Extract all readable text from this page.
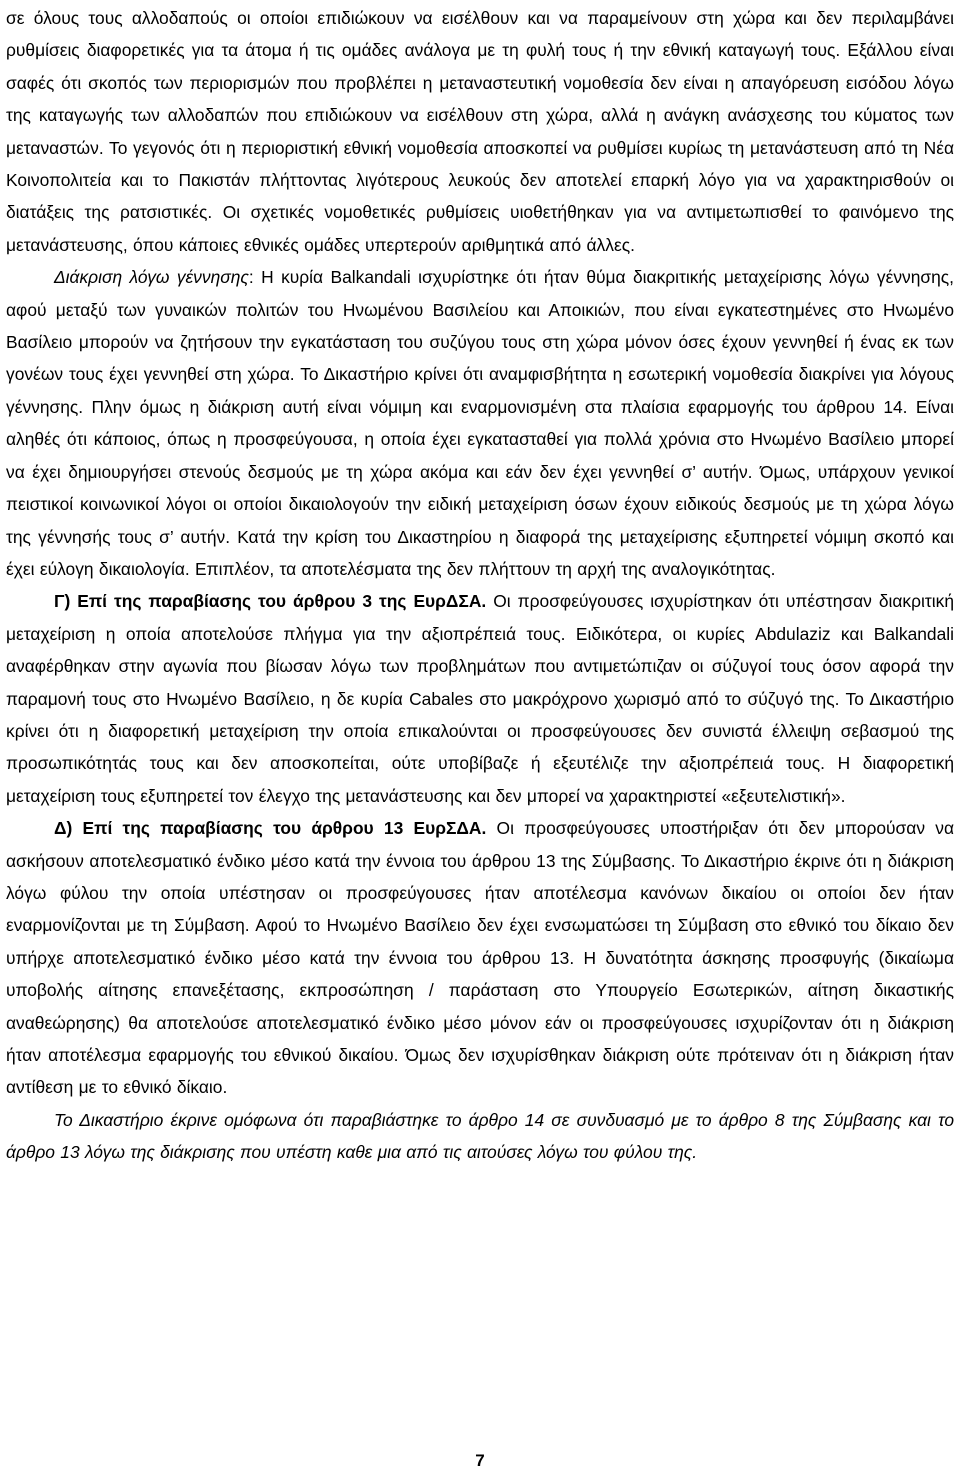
σε όλους τους αλλοδαπούς οι οποίοι επιδιώκουν να εισέλθουν και να παραμείνουν στη χώρα και δεν περιλαμβάνει ρυθμίσεις διαφορετικές για τα άτομα ή τις ομάδες ανάλογα με τη φυλή τους ή την εθνική καταγωγή τους. Εξάλλου είναι σαφές ότι σκοπός των περιορισμών που προβλέπει η μεταναστευτική νομοθεσία δεν είναι η απαγόρευση εισόδου λόγω της καταγωγής των αλλοδαπών που επιδιώκουν να εισέλθουν στη χώρα, αλλά η ανάγκη ανάσχεσης του κύματος των μεταναστών. Το γεγονός ότι η περιοριστική εθνική νομοθεσία αποσκοπεί να ρυθμίσει κυρίως τη μετανάστευση από τη Νέα Κοινοπολιτεία και το Πακιστάν πλήττοντας λιγότερους λευκούς δεν αποτελεί επαρκή λόγο για να χαρακτηρισθούν οι διατάξεις της ρατσιστικές. Οι σχετικές νομοθετικές ρυθμίσεις υιοθετήθηκαν για να αντιμετωπισθεί το φαινόμενο της μετανάστευσης, όπου κάποιες εθνικές ομάδες υπερτερούν αριθμητικά από άλλες.

Διάκριση λόγω γέννησης: Η κυρία Balkandali ισχυρίστηκε ότι ήταν θύμα διακριτικής μεταχείρισης λόγω γέννησης, αφού μεταξύ των γυναικών πολιτών του Ηνωμένου Βασιλείου και Αποικιών, που είναι εγκατεστημένες στο Ηνωμένο Βασίλειο μπορούν να ζητήσουν την εγκατάσταση του συζύγου τους στη χώρα μόνον όσες έχουν γεννηθεί ή ένας εκ των γονέων τους έχει γεννηθεί στη χώρα. Το Δικαστήριο κρίνει ότι αναμφισβήτητα η εσωτερική νομοθεσία διακρίνει για λόγους γέννησης. Πλην όμως η διάκριση αυτή είναι νόμιμη και εναρμονισμένη στα πλαίσια εφαρμογής του άρθρου 14. Είναι αληθές ότι κάποιος, όπως η προσφεύγουσα, η οποία έχει εγκατασταθεί για πολλά χρόνια στο Ηνωμένο Βασίλειο μπορεί να έχει δημιουργήσει στενούς δεσμούς με τη χώρα ακόμα και εάν δεν έχει γεννηθεί σ’ αυτήν. Όμως, υπάρχουν γενικοί πειστικοί κοινωνικοί λόγοι οι οποίοι δικαιολογούν την ειδική μεταχείριση όσων έχουν ειδικούς δεσμούς με τη χώρα λόγω της γέννησής τους σ’ αυτήν. Κατά την κρίση του Δικαστηρίου η διαφορά της μεταχείρισης εξυπηρετεί νόμιμη σκοπό και έχει εύλογη δικαιολογία. Επιπλέον, τα αποτελέσματα της δεν πλήττουν τη αρχή της αναλογικότητας.

Γ) Επί της παραβίασης του άρθρου 3 της ΕυρΔΣΑ. Οι προσφεύγουσες ισχυρίστηκαν ότι υπέστησαν διακριτική μεταχείριση η οποία αποτελούσε πλήγμα για την αξιοπρέπειά τους. Ειδικότερα, οι κυρίες Abdulaziz και Balkandali αναφέρθηκαν στην αγωνία που βίωσαν λόγω των προβλημάτων που αντιμετώπιζαν οι σύζυγοί τους όσον αφορά την παραμονή τους στο Ηνωμένο Βασίλειο, η δε κυρία Cabales στο μακρόχρονο χωρισμό από το σύζυγό της. Το Δικαστήριο κρίνει ότι η διαφορετική μεταχείριση την οποία επικαλούνται οι προσφεύγουσες δεν συνιστά έλλειψη σεβασμού της προσωπικότητάς τους και δεν αποσκοπείται, ούτε υποβίβαζε ή εξευτέλιζε την αξιοπρέπειά τους. Η διαφορετική μεταχείριση τους εξυπηρετεί τον έλεγχο της μετανάστευσης και δεν μπορεί να χαρακτηριστεί «εξευτελιστική».

Δ) Επί της παραβίασης του άρθρου 13 ΕυρΣΔΑ. Οι προσφεύγουσες υποστήριξαν ότι δεν μπορούσαν να ασκήσουν αποτελεσματικό ένδικο μέσο κατά την έννοια του άρθρου 13 της Σύμβασης. Το Δικαστήριο έκρινε ότι η διάκριση λόγω φύλου την οποία υπέστησαν οι προσφεύγουσες ήταν αποτέλεσμα κανόνων δικαίου οι οποίοι δεν ήταν εναρμονίζονται με τη Σύμβαση. Αφού το Ηνωμένο Βασίλειο δεν έχει ενσωματώσει τη Σύμβαση στο εθνικό του δίκαιο δεν υπήρχε αποτελεσματικό ένδικο μέσο κατά την έννοια του άρθρου 13. Η δυνατότητα άσκησης προσφυγής (δικαίωμα υποβολής αίτησης επανεξέτασης, εκπροσώπηση / παράσταση στο Υπουργείο Εσωτερικών, αίτηση δικαστικής αναθεώρησης) θα αποτελούσε αποτελεσματικό ένδικο μέσο μόνον εάν οι προσφεύγουσες ισχυρίζονταν ότι η διάκριση ήταν αποτέλεσμα εφαρμογής του εθνικού δικαίου. Όμως δεν ισχυρίσθηκαν διάκριση ούτε πρότειναν ότι η διάκριση ήταν αντίθεση με το εθνικό δίκαιο.

Το Δικαστήριο έκρινε ομόφωνα ότι παραβιάστηκε το άρθρο 14 σε συνδυασμό με το άρθρο 8 της Σύμβασης και το άρθρο 13 λόγω της διάκρισης που υπέστη καθε μια από τις αιτούσες λόγω του φύλου της.

7
